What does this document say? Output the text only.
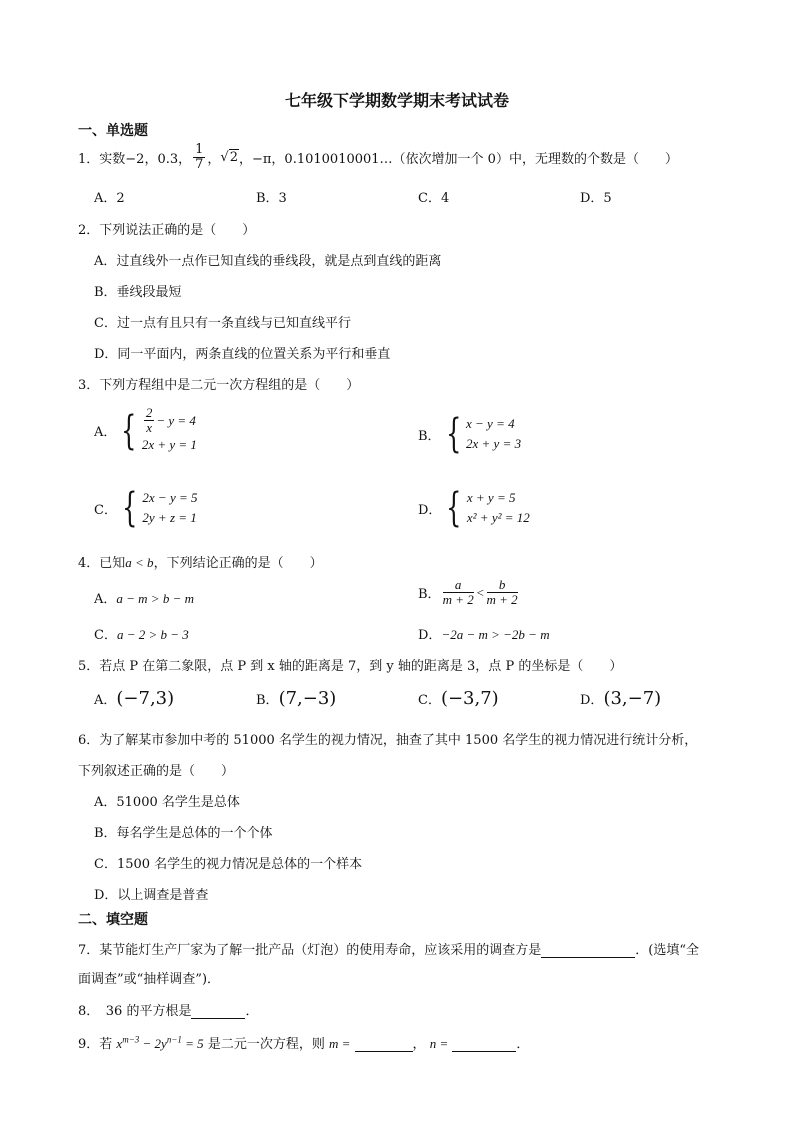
七年级下学期数学期末考试试卷
一、单选题
1．实数 −2，0.3， $\frac{1}{7}$ ， √2 ，−π，0.1010010001…（依次增加一个 0）中，无理数的个数是（　　）
A．2	B．3	C．4	D．5
2．下列说法正确的是（　　）
A．过直线外一点作已知直线的垂线段，就是点到直线的距离
B．垂线段最短
C．过一点有且只有一条直线与已知直线平行
D．同一平面内，两条直线的位置关系为平行和垂直
3．下列方程组中是二元一次方程组的是（　　）
A． { $\frac{2}{x} - y = 4$
2x + y = 1
B． { x − y = 4
2x + y = 3
C． { 2x − y = 5
2y + z = 1	D． { x + y = 5
x² + y² = 12
4．已知a < b，下列结论正确的是（　　）
A．a − m > b − m	B． $\frac{a}{m + 2} < \frac{b}{m + 2}$
C．a − 2 > b − 3	D．−2a − m > −2b − m
5．若点 P 在第二象限，点 P 到 x 轴的距离是 7，到 y 轴的距离是 3，点 P 的坐标是（　　）
A．(−7,3)	B．(7,−3)	C．(−3,7)	D．(3,−7)
6．为了解某市参加中考的 51000 名学生的视力情况，抽查了其中 1500 名学生的视力情况进行统计分析，
下列叙述正确的是（　　）
A．51000 名学生是总体
B．每名学生是总体的一个个体
C．1500 名学生的视力情况是总体的一个样本
D．以上调查是普查
二、填空题
7．某节能灯生产厂家为了解一批产品（灯泡）的使用寿命，应该采用的调查方是	．(选填“全
面调查”或“抽样调查”)．
8．　36 的平方根是	．
9．若 $x^{m-3} - 2y^{n-1} = 5$ 是二元一次方程，则 m =	， n =	．
